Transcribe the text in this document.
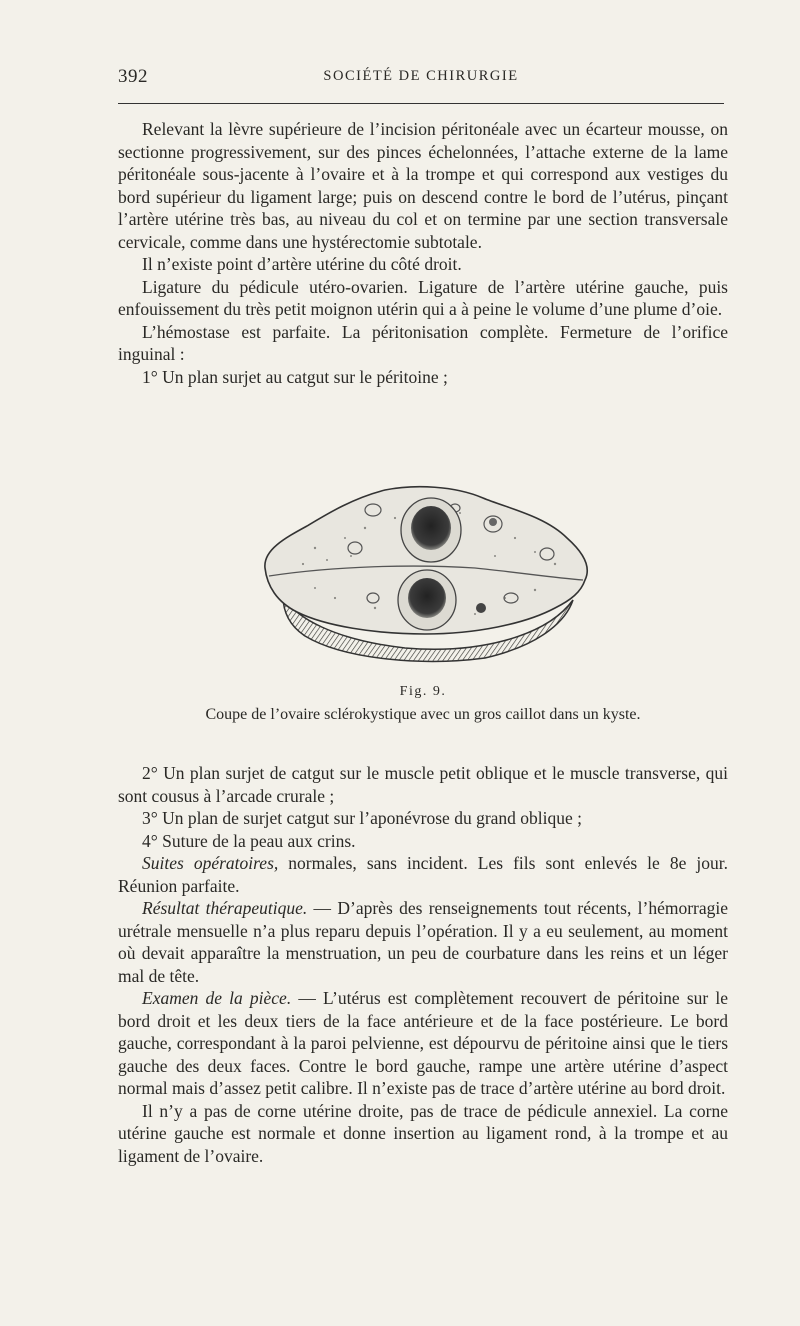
392	SOCIÉTÉ DE CHIRURGIE

Relevant la lèvre supérieure de l’incision péritonéale avec un écarteur mousse, on sectionne progressivement, sur des pinces échelonnées, l’attache externe de la lame péritonéale sous-jacente à l’ovaire et à la trompe et qui correspond aux vestiges du bord supérieur du ligament large; puis on descend contre le bord de l’utérus, pinçant l’artère utérine très bas, au niveau du col et on termine par une section transversale cervicale, comme dans une hystérectomie subtotale.

Il n’existe point d’artère utérine du côté droit.

Ligature du pédicule utéro-ovarien. Ligature de l’artère utérine gauche, puis enfouissement du très petit moignon utérin qui a à peine le volume d’une plume d’oie.

L’hémostase est parfaite. La péritonisation complète. Fermeture de l’orifice inguinal :

1° Un plan surjet au catgut sur le péritoine ;

Fig. 9.
Coupe de l’ovaire sclérokystique avec un gros caillot dans un kyste.

2° Un plan surjet de catgut sur le muscle petit oblique et le muscle transverse, qui sont cousus à l’arcade crurale ;

3° Un plan de surjet catgut sur l’aponévrose du grand oblique ;

4° Suture de la peau aux crins.

Suites opératoires, normales, sans incident. Les fils sont enlevés le 8e jour. Réunion parfaite.

Résultat thérapeutique. — D’après des renseignements tout récents, l’hémorragie urétrale mensuelle n’a plus reparu depuis l’opération. Il y a eu seulement, au moment où devait apparaître la menstruation, un peu de courbature dans les reins et un léger mal de tête.

Examen de la pièce. — L’utérus est complètement recouvert de péritoine sur le bord droit et les deux tiers de la face antérieure et de la face postérieure. Le bord gauche, correspondant à la paroi pelvienne, est dépourvu de péritoine ainsi que le tiers gauche des deux faces. Contre le bord gauche, rampe une artère utérine d’aspect normal mais d’assez petit calibre. Il n’existe pas de trace d’artère utérine au bord droit.

Il n’y a pas de corne utérine droite, pas de trace de pédicule annexiel. La corne utérine gauche est normale et donne insertion au ligament rond, à la trompe et au ligament de l’ovaire.
